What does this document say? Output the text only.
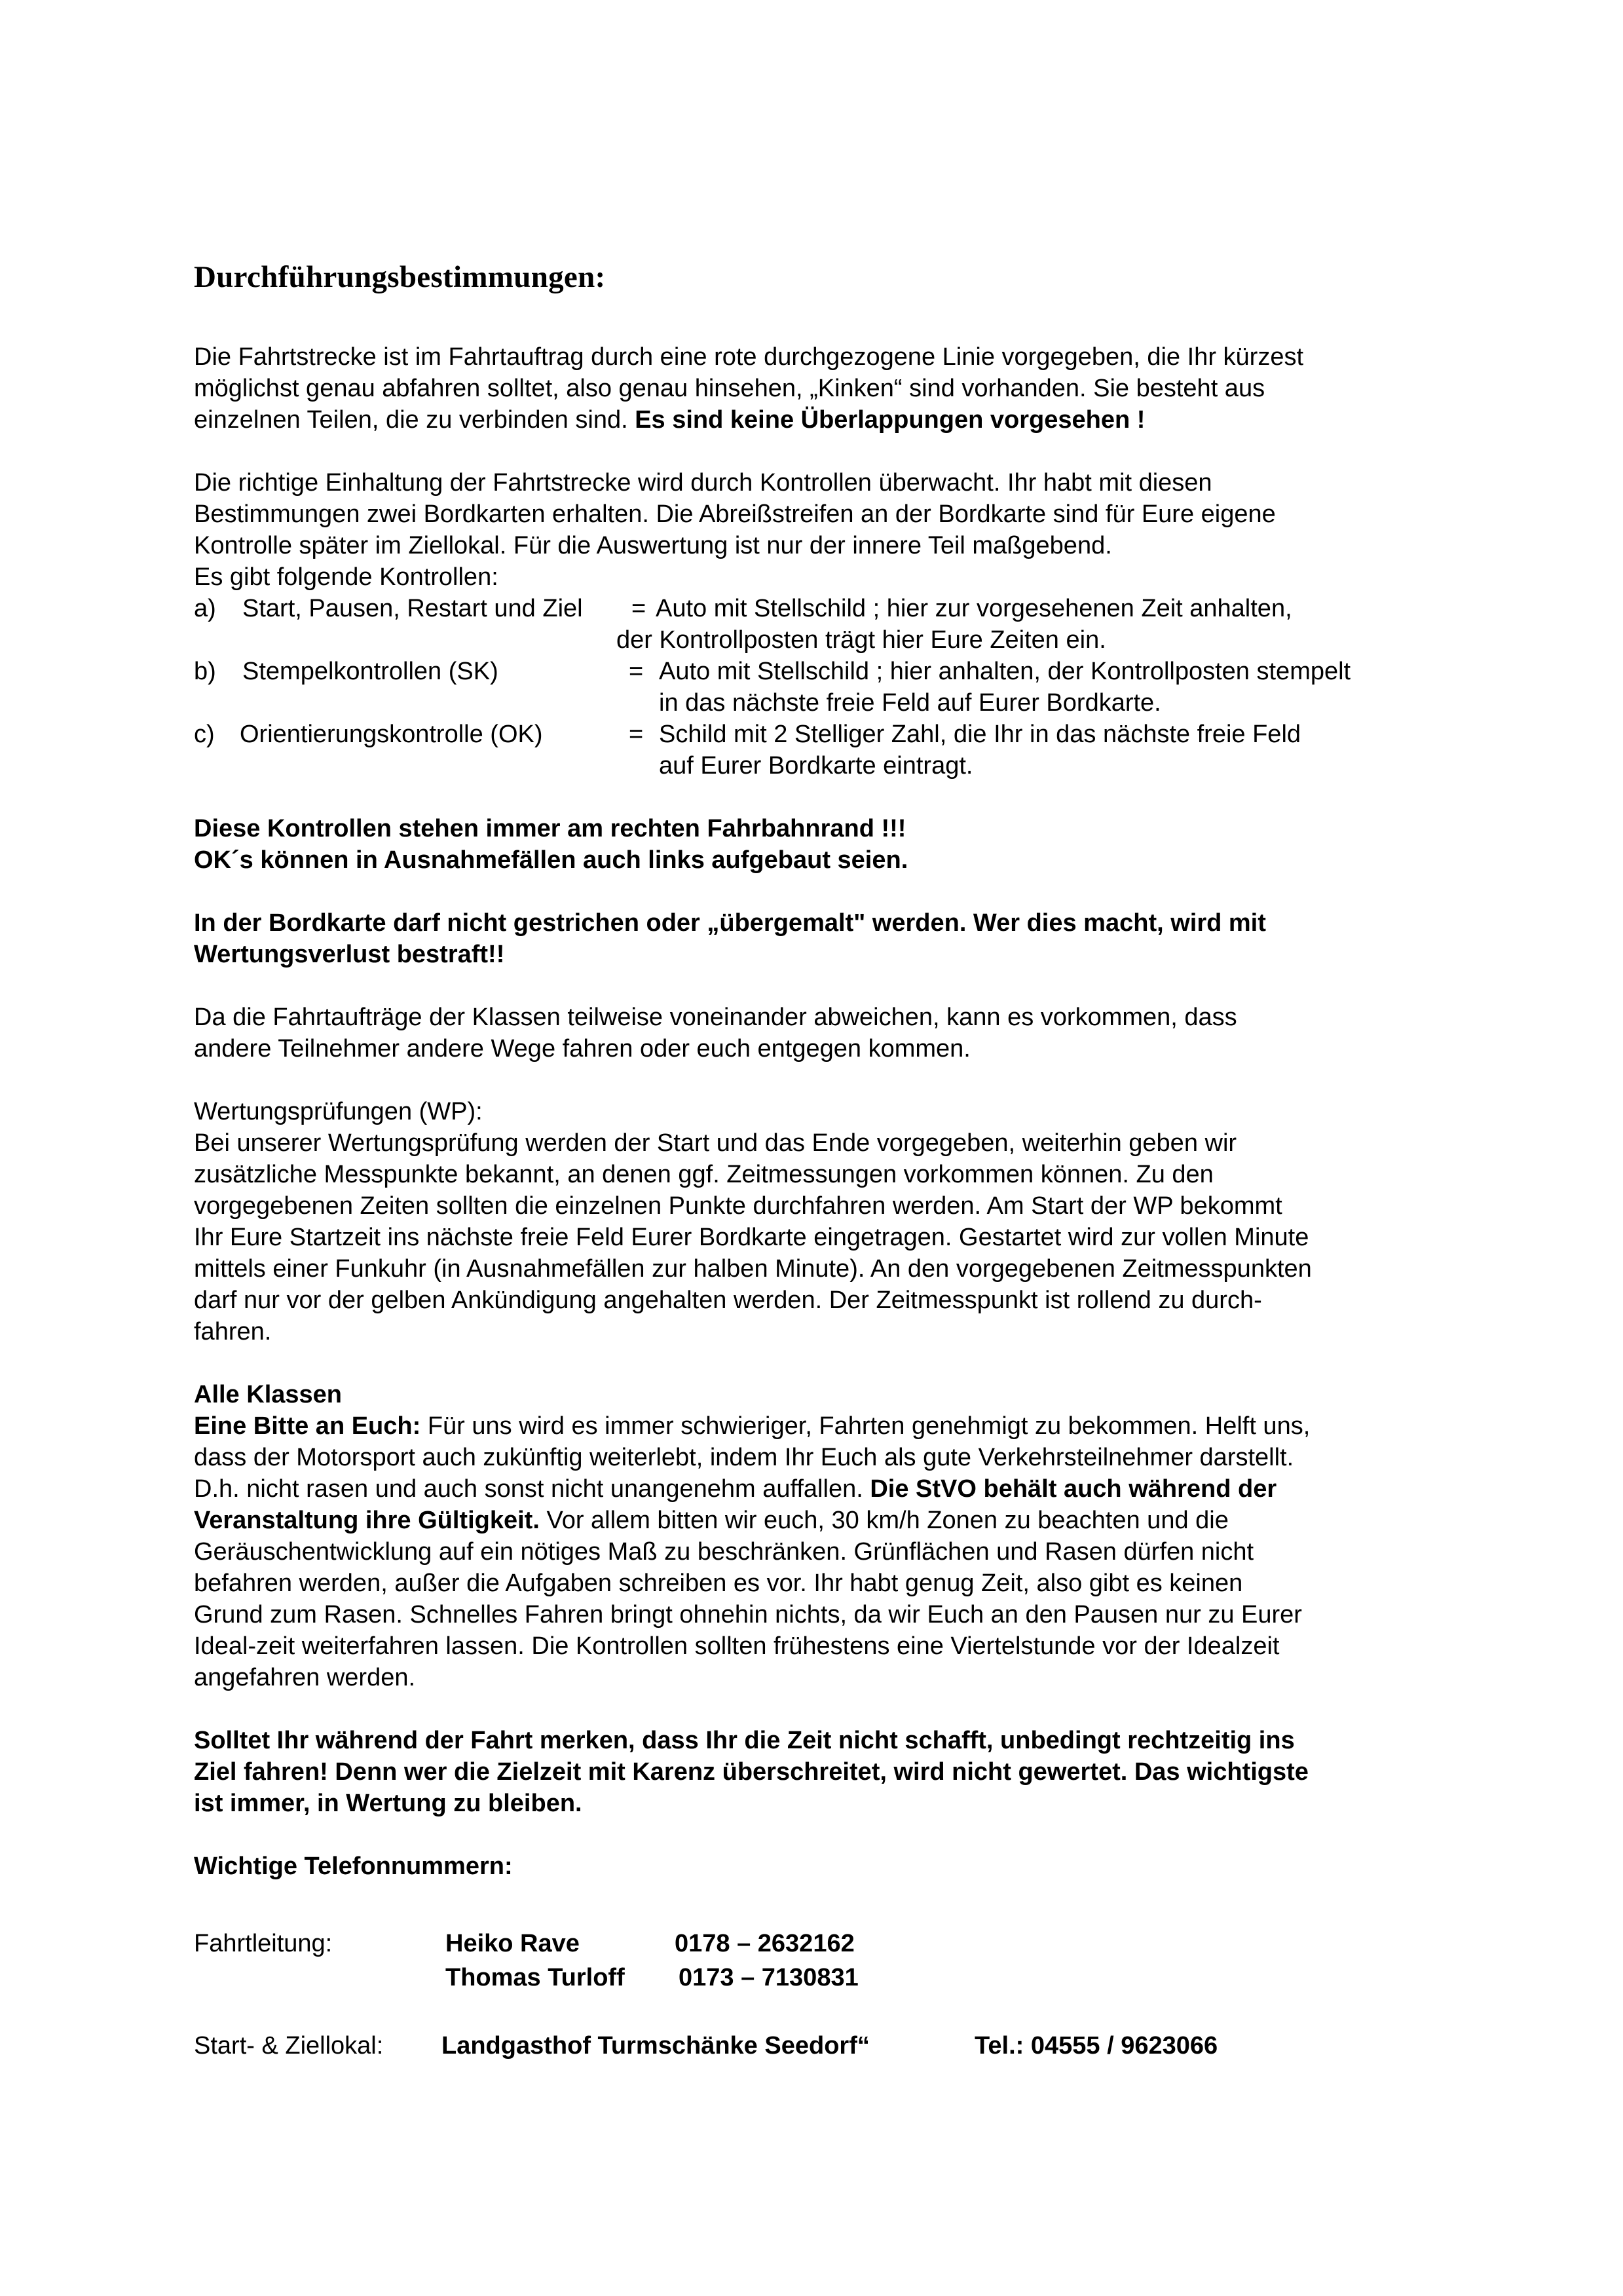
Durchführungsbestimmungen:
Die Fahrtstrecke ist im Fahrtauftrag durch eine rote durchgezogene Linie vorgegeben, die Ihr kürzest
möglichst genau abfahren solltet, also genau hinsehen, „Kinken“ sind vorhanden. Sie besteht aus
einzelnen Teilen, die zu verbinden sind. Es sind keine Überlappungen vorgesehen !
Die richtige Einhaltung der Fahrtstrecke wird durch Kontrollen überwacht. Ihr habt mit diesen
Bestimmungen zwei Bordkarten erhalten. Die Abreißstreifen an der Bordkarte sind für Eure eigene
Kontrolle später im Ziellokal. Für die Auswertung ist nur der innere Teil maßgebend.
Es gibt folgende Kontrollen:
a) Start, Pausen, Restart und Ziel = Auto mit Stellschild ; hier zur vorgesehenen Zeit anhalten,
der Kontrollposten trägt hier Eure Zeiten ein.
b) Stempelkontrollen (SK)	= Auto mit Stellschild ; hier anhalten, der Kontrollposten stempelt
in das nächste freie Feld auf Eurer Bordkarte.
c) Orientierungskontrolle (OK)	= Schild mit 2 Stelliger Zahl, die Ihr in das nächste freie Feld
auf Eurer Bordkarte eintragt.
Diese Kontrollen stehen immer am rechten Fahrbahnrand !!!
OK´s können in Ausnahmefällen auch links aufgebaut seien.
In der Bordkarte darf nicht gestrichen oder „übergemalt" werden. Wer dies macht, wird mit
Wertungsverlust bestraft!!
Da die Fahrtaufträge der Klassen teilweise voneinander abweichen, kann es vorkommen, dass
andere Teilnehmer andere Wege fahren oder euch entgegen kommen.
Wertungsprüfungen (WP):
Bei unserer Wertungsprüfung werden der Start und das Ende vorgegeben, weiterhin geben wir
zusätzliche Messpunkte bekannt, an denen ggf. Zeitmessungen vorkommen können. Zu den
vorgegebenen Zeiten sollten die einzelnen Punkte durchfahren werden. Am Start der WP bekommt
Ihr Eure Startzeit ins nächste freie Feld Eurer Bordkarte eingetragen. Gestartet wird zur vollen Minute
mittels einer Funkuhr (in Ausnahmefällen zur halben Minute). An den vorgegebenen Zeitmesspunkten
darf nur vor der gelben Ankündigung angehalten werden. Der Zeitmesspunkt ist rollend zu durch-
fahren.
Alle Klassen
Eine Bitte an Euch: Für uns wird es immer schwieriger, Fahrten genehmigt zu bekommen. Helft uns,
dass der Motorsport auch zukünftig weiterlebt, indem Ihr Euch als gute Verkehrsteilnehmer darstellt.
D.h. nicht rasen und auch sonst nicht unangenehm auffallen. Die StVO behält auch während der
Veranstaltung ihre Gültigkeit. Vor allem bitten wir euch, 30 km/h Zonen zu beachten und die
Geräuschentwicklung auf ein nötiges Maß zu beschränken. Grünflächen und Rasen dürfen nicht
befahren werden, außer die Aufgaben schreiben es vor. Ihr habt genug Zeit, also gibt es keinen
Grund zum Rasen. Schnelles Fahren bringt ohnehin nichts, da wir Euch an den Pausen nur zu Eurer
Ideal-zeit weiterfahren lassen. Die Kontrollen sollten frühestens eine Viertelstunde vor der Idealzeit
angefahren werden.
Solltet Ihr während der Fahrt merken, dass Ihr die Zeit nicht schafft, unbedingt rechtzeitig ins
Ziel fahren! Denn wer die Zielzeit mit Karenz überschreitet, wird nicht gewertet. Das wichtigste
ist immer, in Wertung zu bleiben.
Wichtige Telefonnummern:
Fahrtleitung:	Heiko Rave	0178 – 2632162
Thomas Turloff 0173 – 7130831
Start- & Ziellokal: Landgasthof Turmschänke Seedorf“	Tel.: 04555 / 9623066
